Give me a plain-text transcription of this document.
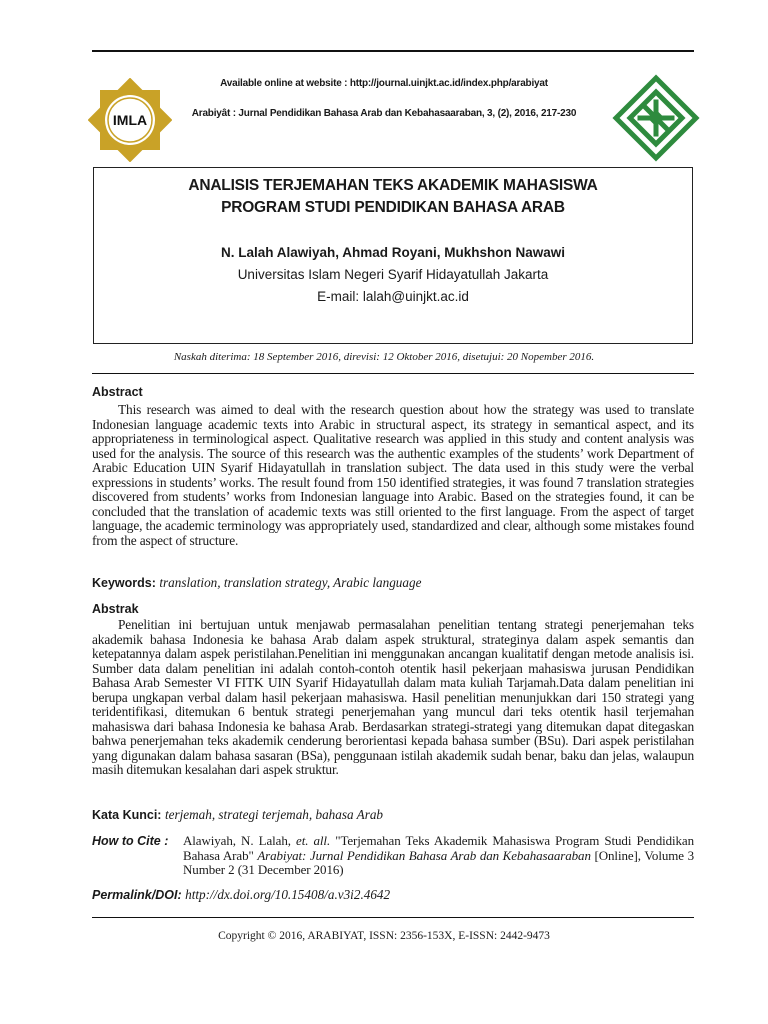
IMLA
Available online at website : http://journal.uinjkt.ac.id/index.php/arabiyat
Arabiyât : Jurnal Pendidikan Bahasa Arab dan Kebahasaaraban, 3, (2), 2016, 217-230
ANALISIS TERJEMAHAN TEKS AKADEMIK MAHASISWA
PROGRAM STUDI PENDIDIKAN BAHASA ARAB
N. Lalah Alawiyah, Ahmad Royani, Mukhshon Nawawi
Universitas Islam Negeri Syarif Hidayatullah Jakarta
E-mail: lalah@uinjkt.ac.id
Naskah diterima: 18 September 2016, direvisi: 12 Oktober 2016, disetujui: 20 Nopember 2016.
Abstract
This research was aimed to deal with the research question about how the strategy was used to translate Indonesian language academic texts into Arabic in structural aspect, its strategy in semantical aspect, and its appropriateness in terminological aspect. Qualitative research was applied in this study and content analysis was used for the analysis. The source of this research was the authentic examples of the students’ work Department of Arabic Education UIN Syarif Hidayatullah in translation subject. The data used in this study were the verbal expressions in students’ works. The result found from 150 identified strategies, it was found 7 translation strategies discovered from students’ works from Indonesian language into Arabic. Based on the strategies found, it can be concluded that the translation of academic texts was still oriented to the first language. From the aspect of target language, the academic terminology was appropriately used, standardized and clear, although some mistakes found from the aspect of structure.
Keywords: translation, translation strategy, Arabic language
Abstrak
Penelitian ini bertujuan untuk menjawab permasalahan penelitian tentang strategi penerjemahan teks akademik bahasa Indonesia ke bahasa Arab dalam aspek struktural, strateginya dalam aspek semantis dan ketepatannya dalam aspek peristilahan.Penelitian ini menggunakan ancangan kualitatif dengan metode analisis isi. Sumber data dalam penelitian ini adalah contoh-contoh otentik hasil pekerjaan mahasiswa jurusan Pendidikan Bahasa Arab Semester VI FITK UIN Syarif Hidayatullah dalam mata kuliah Tarjamah.Data dalam penelitian ini berupa ungkapan verbal dalam hasil pekerjaan mahasiswa. Hasil penelitian menunjukkan dari 150 strategi yang teridentifikasi, ditemukan 6 bentuk strategi penerjemahan yang muncul dari teks otentik hasil terjemahan mahasiswa dari bahasa Indonesia ke bahasa Arab. Berdasarkan strategi-strategi yang ditemukan dapat ditegaskan bahwa penerjemahan teks akademik cenderung berorientasi kepada bahasa sumber (BSu). Dari aspek peristilahan yang digunakan dalam bahasa sasaran (BSa), penggunaan istilah akademik sudah benar, baku dan jelas, walaupun masih ditemukan kesalahan dari aspek struktur.
Kata Kunci: terjemah, strategi terjemah, bahasa Arab
How to Cite : Alawiyah, N. Lalah, et. all. "Terjemahan Teks Akademik Mahasiswa Program Studi Pendidikan Bahasa Arab" Arabiyat: Jurnal Pendidikan Bahasa Arab dan Kebahasaaraban [Online], Volume 3 Number 2 (31 December 2016)
Permalink/DOI: http://dx.doi.org/10.15408/a.v3i2.4642
Copyright © 2016, ARABIYAT, ISSN: 2356-153X, E-ISSN: 2442-9473
